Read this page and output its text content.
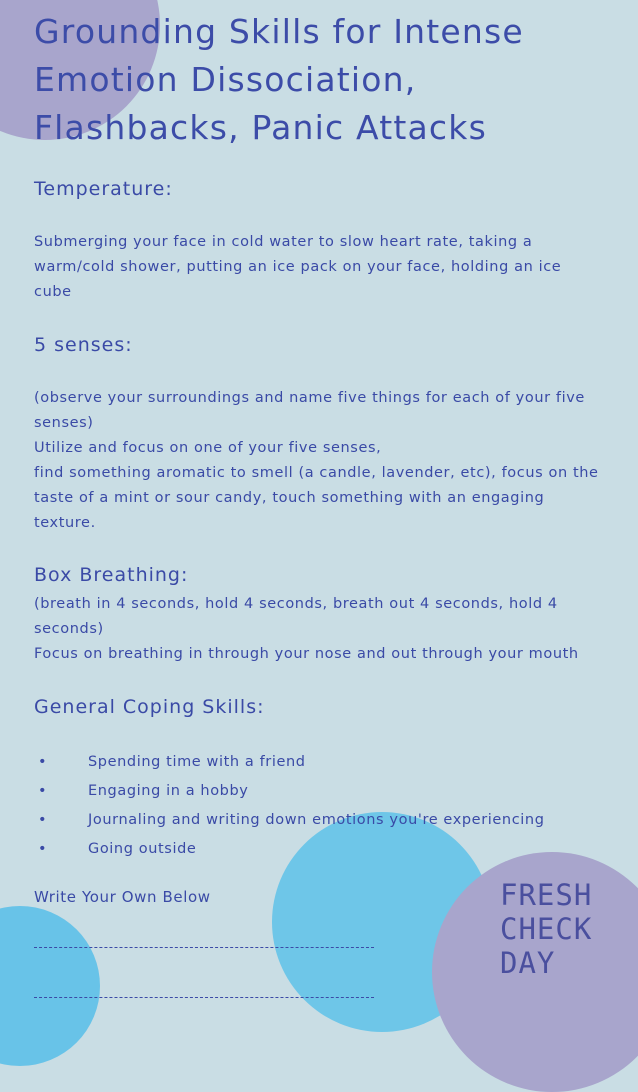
Grounding Skills for Intense Emotion Dissociation, Flashbacks, Panic Attacks

Temperature:

Submerging your face in cold water to slow heart rate, taking a warm/cold shower, putting an ice pack on your face, holding an ice cube

5 senses:

(observe your surroundings and name five things for each of your five senses)
Utilize and focus on one of your five senses,
find something aromatic to smell (a candle, lavender, etc), focus on the taste of a mint or sour candy, touch something with an engaging texture.

Box Breathing:

(breath in 4 seconds, hold 4 seconds, breath out 4 seconds, hold 4 seconds)
Focus on breathing in through your nose and out through your mouth

General Coping Skills:

•	Spending time with a friend
•	Engaging in a hobby
•	Journaling and writing down emotions you're experiencing
•	Going outside

Write Your Own Below	FRESH
CHECK
DAY
